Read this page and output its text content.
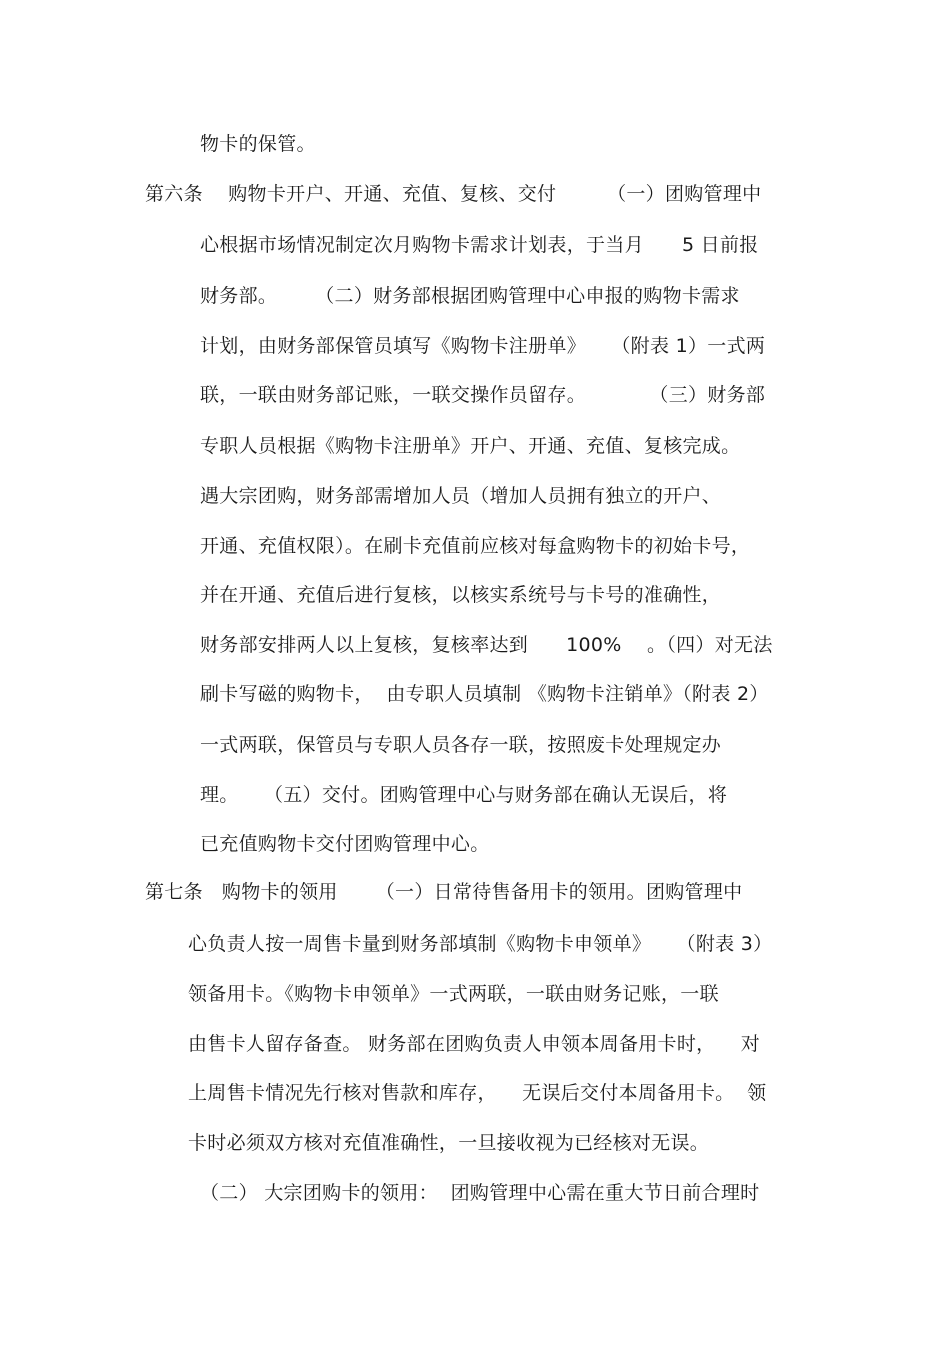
物卡的保管。
第六条    购物卡开户、开通、充值、复核、交付        （一）团购管理中
心根据市场情况制定次月购物卡需求计划表，于当月      5 日前报
财务部。      （二）财务部根据团购管理中心申报的购物卡需求
计划，由财务部保管员填写《购物卡注册单》    （附表 1）一式两
联，一联由财务部记账，一联交操作员留存。          （三）财务部
专职人员根据《购物卡注册单》开户、开通、充值、复核完成。
遇大宗团购，财务部需增加人员（增加人员拥有独立的开户、
开通、充值权限）。在刷卡充值前应核对每盒购物卡的初始卡号，
并在开通、充值后进行复核，以核实系统号与卡号的准确性，
财务部安排两人以上复核，复核率达到      100%    。（四）对无法
刷卡写磁的购物卡，  由专职人员填制 《购物卡注销单》（附表 2）
一式两联，保管员与专职人员各存一联，按照废卡处理规定办
理。    （五）交付。团购管理中心与财务部在确认无误后，将
已充值购物卡交付团购管理中心。
第七条   购物卡的领用      （一）日常待售备用卡的领用。团购管理中
心负责人按一周售卡量到财务部填制《购物卡申领单》    （附表 3）
领备用卡。《购物卡申领单》一式两联，一联由财务记账，一联
由售卡人留存备查。 财务部在团购负责人申领本周备用卡时，    对
上周售卡情况先行核对售款和库存，    无误后交付本周备用卡。  领
卡时必须双方核对充值准确性，一旦接收视为已经核对无误。
（二） 大宗团购卡的领用：  团购管理中心需在重大节日前合理时
